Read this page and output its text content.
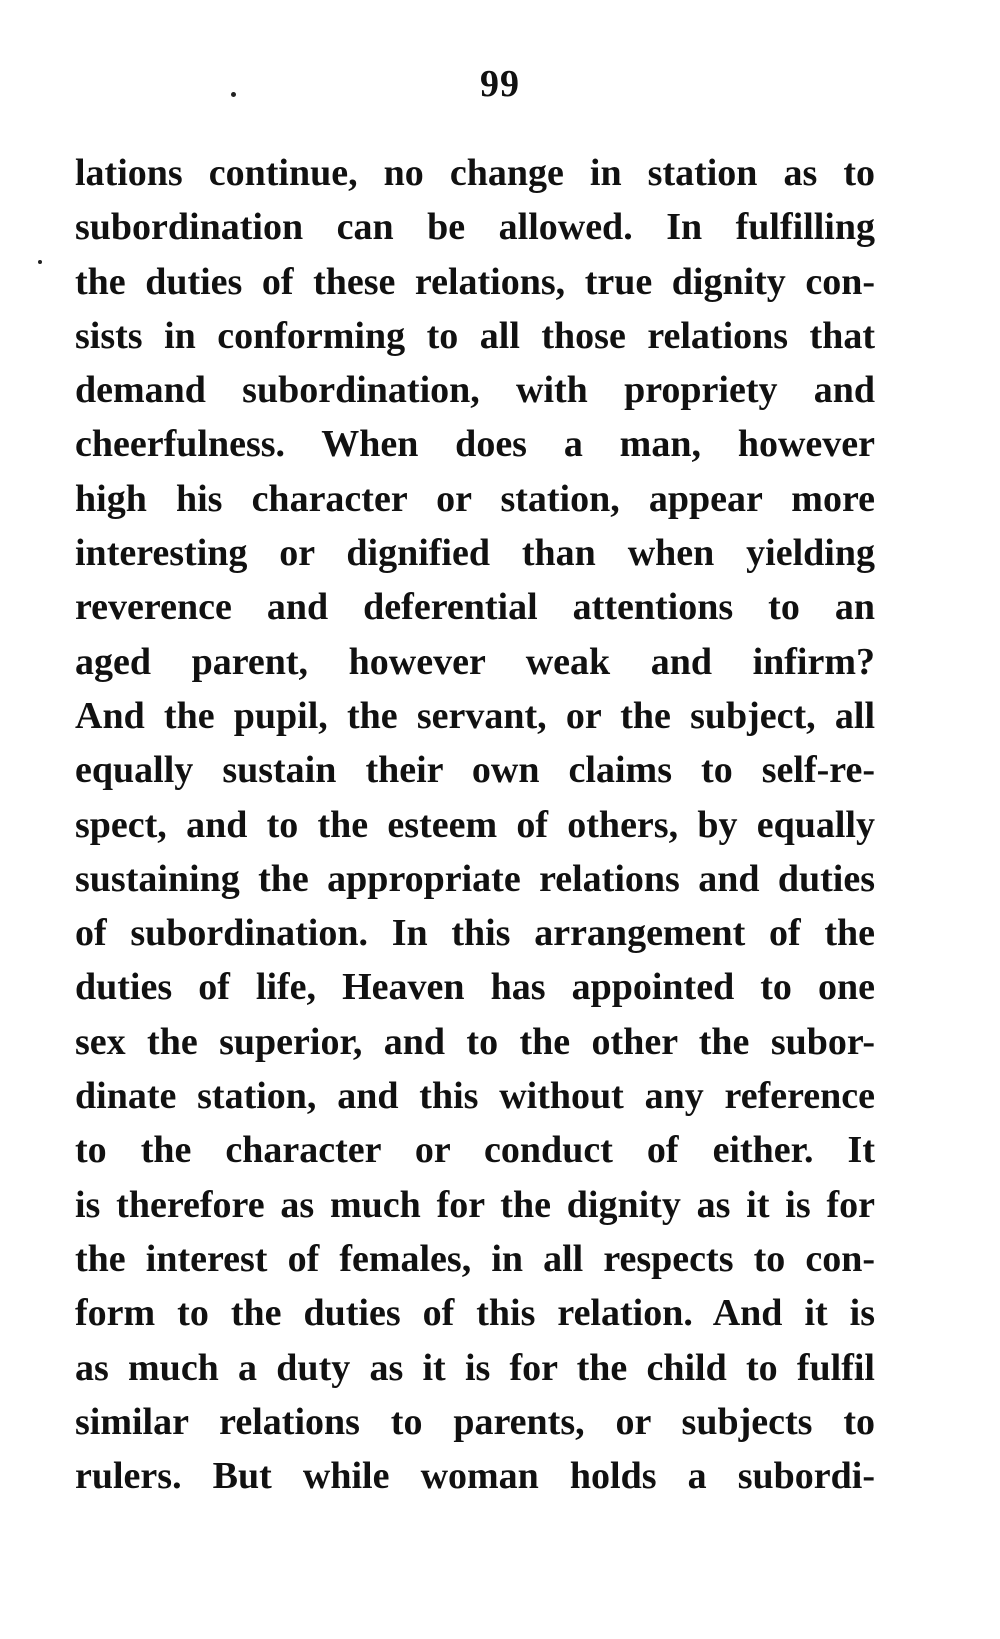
99
lations continue, no change in station as to
subordination can be allowed. In fulfilling
the duties of these relations, true dignity con-
sists in conforming to all those relations that
demand subordination, with propriety and
cheerfulness. When does a man, however
high his character or station, appear more
interesting or dignified than when yielding
reverence and deferential attentions to an
aged parent, however weak and infirm?
And the pupil, the servant, or the subject, all
equally sustain their own claims to self-re-
spect, and to the esteem of others, by equally
sustaining the appropriate relations and duties
of subordination. In this arrangement of the
duties of life, Heaven has appointed to one
sex the superior, and to the other the subor-
dinate station, and this without any reference
to the character or conduct of either. It
is therefore as much for the dignity as it is for
the interest of females, in all respects to con-
form to the duties of this relation. And it is
as much a duty as it is for the child to fulfil
similar relations to parents, or subjects to
rulers. But while woman holds a subordi-
